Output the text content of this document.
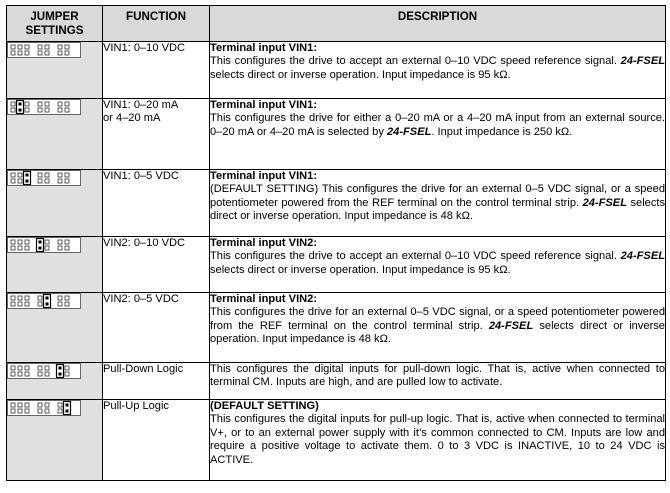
JUMPER
SETTINGS	FUNCTION	DESCRIPTION

	VIN1: 0–10 VDC	Terminal input VIN1:
This configures the drive to accept an external 0–10 VDC speed reference signal. 24-FSEL selects direct or inverse operation. Input impedance is 95 kΩ.

	VIN1: 0–20 mA
or 4–20 mA	Terminal input VIN1:
This configures the drive for either a 0–20 mA or a 4–20 mA input from an external source. 0–20 mA or 4–20 mA is selected by 24-FSEL. Input impedance is 250 kΩ.

	VIN1: 0–5 VDC	Terminal input VIN1:
(DEFAULT SETTING) This configures the drive for an external 0–5 VDC signal, or a speed potentiometer powered from the REF terminal on the control terminal strip. 24-FSEL selects direct or inverse operation. Input impedance is 48 kΩ.

	VIN2: 0–10 VDC	Terminal input VIN2:
This configures the drive to accept an external 0–10 VDC speed reference signal. 24-FSEL selects direct or inverse operation. Input impedance is 95 kΩ.

	VIN2: 0–5 VDC	Terminal input VIN2:
This configures the drive for an external 0–5 VDC signal, or a speed potentiometer powered from the REF terminal on the control terminal strip. 24-FSEL selects direct or inverse operation. Input impedance is 48 kΩ.

	Pull-Down Logic	This configures the digital inputs for pull-down logic. That is, active when connected to terminal CM. Inputs are high, and are pulled low to activate.

	Pull-Up Logic	(DEFAULT SETTING)
This configures the digital inputs for pull-up logic. That is, active when connected to terminal V+, or to an external power supply with it’s common connected to CM. Inputs are low and require a positive voltage to activate them. 0 to 3 VDC is INACTIVE, 10 to 24 VDC is ACTIVE.
